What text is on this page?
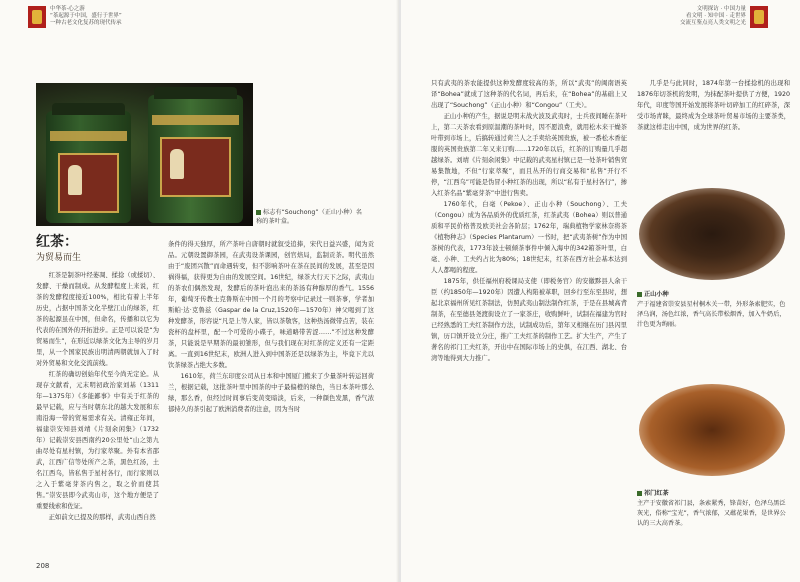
中华茶·心之游
“茶起源于中国，盛行于世界”
一种古老文化复苏的现代传承
标志有“Souchong”（正山小种）名称的茶叶盒。
红茶：
为贸易而生

红茶是制茶叶经萎凋、揉捻（或揉切）、发酵、干燥而制成。从发酵程度上来说，红茶的发酵程度接近100%，相比有着上半年历史，占据中国茶文化半壁江山的绿茶，红茶的起源虽在中国，但命名，传播和以它为代表的在国外的开拓进步。正是可以说是“为贸易而生”，在形近以绿茶文化为主导的岁月里，从一个国家民族出明清两朝就加入了时对外贸易和文化交流前线。

红茶的确切创始年代至今尚无定论。从现存文献看，元末明初政治家刘基（1311年—1375年）《多能鄙事》中有关于红茶的最早记载，应与当时朝东北的越大发展和东南沿海一带的贸易需求有关。清雍正年间，福建崇安知县刘靖《片刻余闲集》（1732年）记载崇安县西南约20公里处“山之第九曲尽处有星村镇，为行家萃聚。外有本省邵武，江西广信等处所产之茶，黑色红汤，土名江西乌，皆私售于星村各行，而行家则以之入于紫毫芽茶内售之，取之价而使其售。”崇安县即今武夷山市，这个地方便是了重要线索和佐证。

正如前文已提及的那样，武夷山西自然

条件的得天独厚，所产茶叶自唐朝时就叙受追捧，宋代日益兴盛，闻为贡品。元朝设置御茶园，在武夷设茶课园，创官焙局，监制贡茶。明代虽然由于“废团兴散”而命遇转变，但不影响茶叶在茶在民间的发展，甚至是因祸得福，获得更为自由的发展空间。16世纪，绿茶大行天下之际，武夷山的茶农们偶然发现，发酵后的茶叶泡出来的茶汤有种醇厚的香气。1556年，葡萄牙传教士克鲁斯在中国一个月的考察中记录过一则茶事，学者加斯帕·达·克鲁兹（Gaspar de la Cruz,1520年—1570年）神父喝到了这种发酵茶，形容说“凡是上等人家，皆以茶敬客，这种热汤微带点苦，装在瓷杯的盘杯里，配一个可爱的小碟子，味道略带苦涩……”不过这种发酵茶，只能说是早期茶的最初雏形，但与我们现在对红茶的定义还有一定距离。一直到16世纪末，欧洲人进入到中国茶还是以绿茶为主，毕竟下尤以饮茶绿茶占绝大多数。

1610年，荷兰东印度公司从日本和中国厦门搬来了少量茶叶转运回荷兰，根据记载，这批茶叶里中国茶的中子最偏橙的绿色，当日本茶叶那么绿，那么香，但经过时间事后变黄变暗淡，后来，一种颜色发黑，香气浓郁持久的茶引起了欧洲消费者的注意，因为当时

208
文明探访 · 中国力量
看文明 · 知中国 · 走世界
交流互鉴点亮人类文明之光

只有武夷的茶农能提供这种发酵度较高的茶，所以“武夷”的闽南语英译“Bohea”就成了这种茶的代名词，再后来，在“Bohea”的基础上又出现了“Souchong”（正山小种）和“Congou”（工夫）。

正山小种的产生，据说是明末战火波及武夷时，士兵夜间睡在茶叶上，第二天茶农看到原温潮的茶叶时，因不愿浪费，就用松木来干燥茶叶带到市场上，后搞转通过荷兰人之手卖给英国贵族，被一番松木香征服的英国贵族第二年又来订购……1720年以后，红茶的订购量几乎超越绿茶。刘靖《片刻余闲集》中记载的武夷星村镇已是一处茶叶销售贸易集散地，不但“行家萃聚”，而且丛开的行商交易和“私售”开行不停，“江西乌”可能是伪冒小种红茶的出现，所以“私有于星村各行”，掺入红茶名品“紫毫芽茶”中进行售卖。

1760年代，白毫（Pekoe）、正山小种（Souchong）、工夫（Congou）成为各品质外的优质红茶，红茶武夷（Bohea）则以普通质和平民价格普及欧美社会各阶层；1762年，瑞典植物学家林奈将茶《植物种志》（Species Plantarum）一书时，把“武夷茶树”作为中国茶树的代表，1773年波士顿倾茶事件中倾入海中的342箱茶叶里，白毫、小种、工夫约占比为80%；18世纪末，红茶在西方社会基本达到人人都喝的程度。

1875年，供任福州府税课局支使（即税务官）的安徽黟县人余干臣（约1850年—1920年）因遭人构陷被革职，回乡行至东至县时，想起北京福州所见红茶制法，仿照武夷山制法制作红茶，于是在县城高背制茶，在至德县尧渡街设立了一家茶庄，收购鲜叶，试制在福建为官时已经熟悉的工夫红茶制作方法，试制成功后，第年又相继在历门县闪里镇，历口镇开设立分庄，推广工夫红茶的制作工艺。扩大生产，产生了著名的祁门工夫红茶，开出中在国际市场上的史俱，在江西、湖北、台湾等地得到大力推广。

几乎是与此同时，1874年第一台揉捻机的出现和1876年切茶机的发明，为抹配茶叶提供了方便，1920年代，印度等国开始发展将茶叶切碎加工的红碎茶，深受市场青睐，最终成为全球茶叶贸易市场的主要茶类，茶就这样走出中国，成为世界的红茶。

正山小种
产于福建省崇安县星村桐木关一带，外形条索肥实，色泽乌润，汤色红浓，香气高长带松烟香，加入牛奶后，汁色更为绚丽。
祁门红茶
主产于安徽省祁门县，条索紧秀，锋苗好，色泽乌黑泛灰光，俗称“宝光”，香气浓郁，又蕴花果香，是世界公认的三大高香茶。
